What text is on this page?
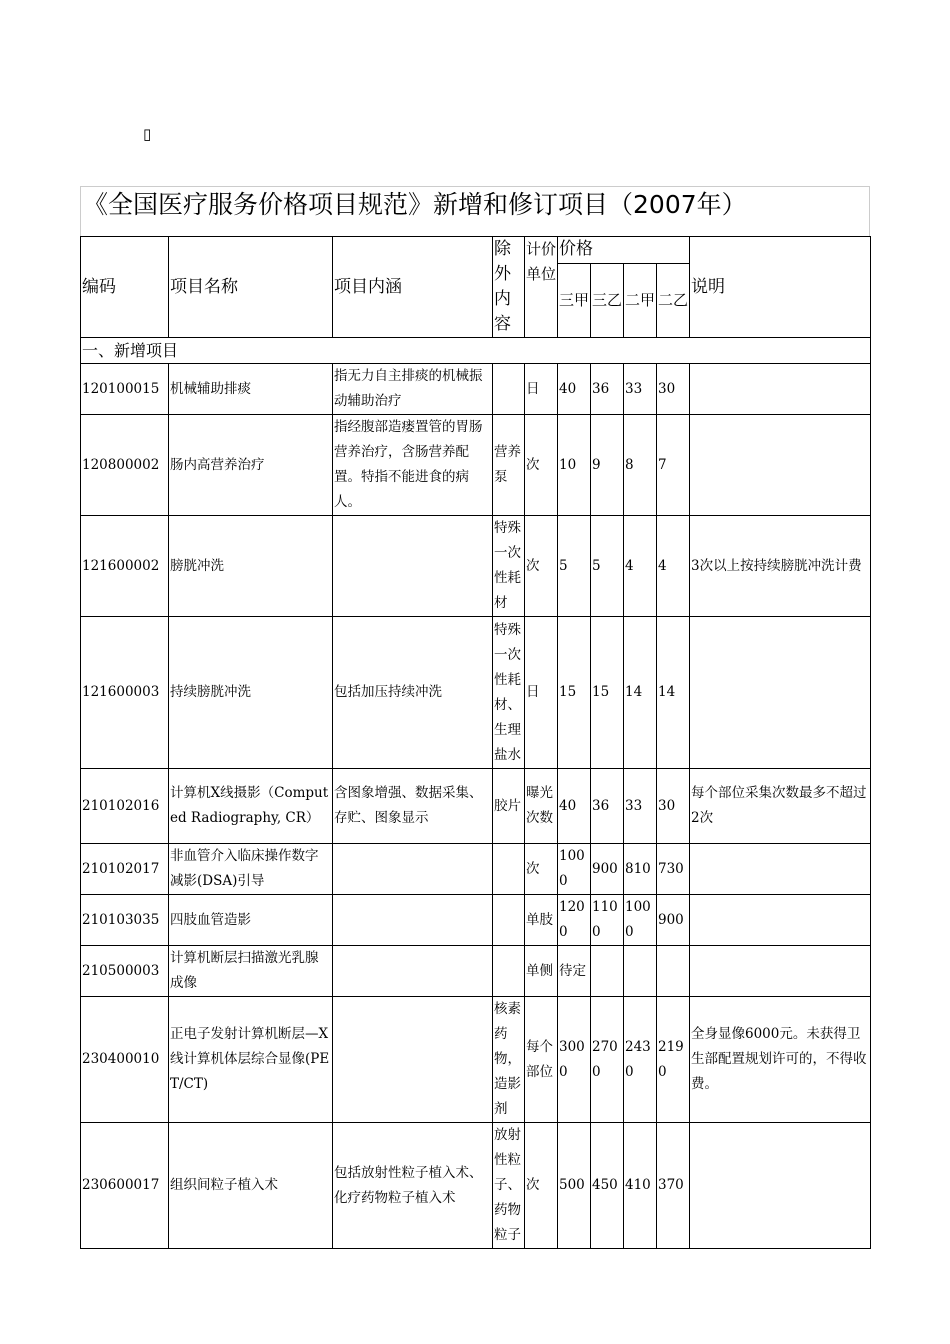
▯
《全国医疗服务价格项目规范》新增和修订项目（2007年）
编码	项目名称	项目内涵	除外内容	计价单位	价格				说明
					三甲	三乙	二甲	二乙	
一、新增项目									
120100015	机械辅助排痰	指无力自主排痰的机械振动辅助治疗		日	40	36	33	30	
120800002	肠内高营养治疗	指经腹部造瘘置管的胃肠营养治疗，含肠营养配置。特指不能进食的病人。	营养泵	次	10	9	8	7	
121600002	膀胱冲洗		特殊一次性耗材	次	5	5	4	4	3次以上按持续膀胱冲洗计费
121600003	持续膀胱冲洗	包括加压持续冲洗	特殊一次性耗材、生理盐水	日	15	15	14	14	
210102016	计算机X线摄影（Computed Radiography, CR）	含图象增强、数据采集、存贮、图象显示	胶片	曝光次数	40	36	33	30	每个部位采集次数最多不超过2次
210102017	非血管介入临床操作数字减影(DSA)引导			次	1000	900	810	730	
210103035	四肢血管造影			单肢	1200	1100	1000	900	
210500003	计算机断层扫描激光乳腺成像			单侧	待定				
230400010	正电子发射计算机断层—X线计算机体层综合显像(PET/CT)		核素药物，造影剂	每个部位	3000	2700	2430	2190	全身显像6000元。未获得卫生部配置规划许可的，不得收费。
230600017	组织间粒子植入术	包括放射性粒子植入术、化疗药物粒子植入术	放射性粒子、药物粒子	次	500	450	410	370	
